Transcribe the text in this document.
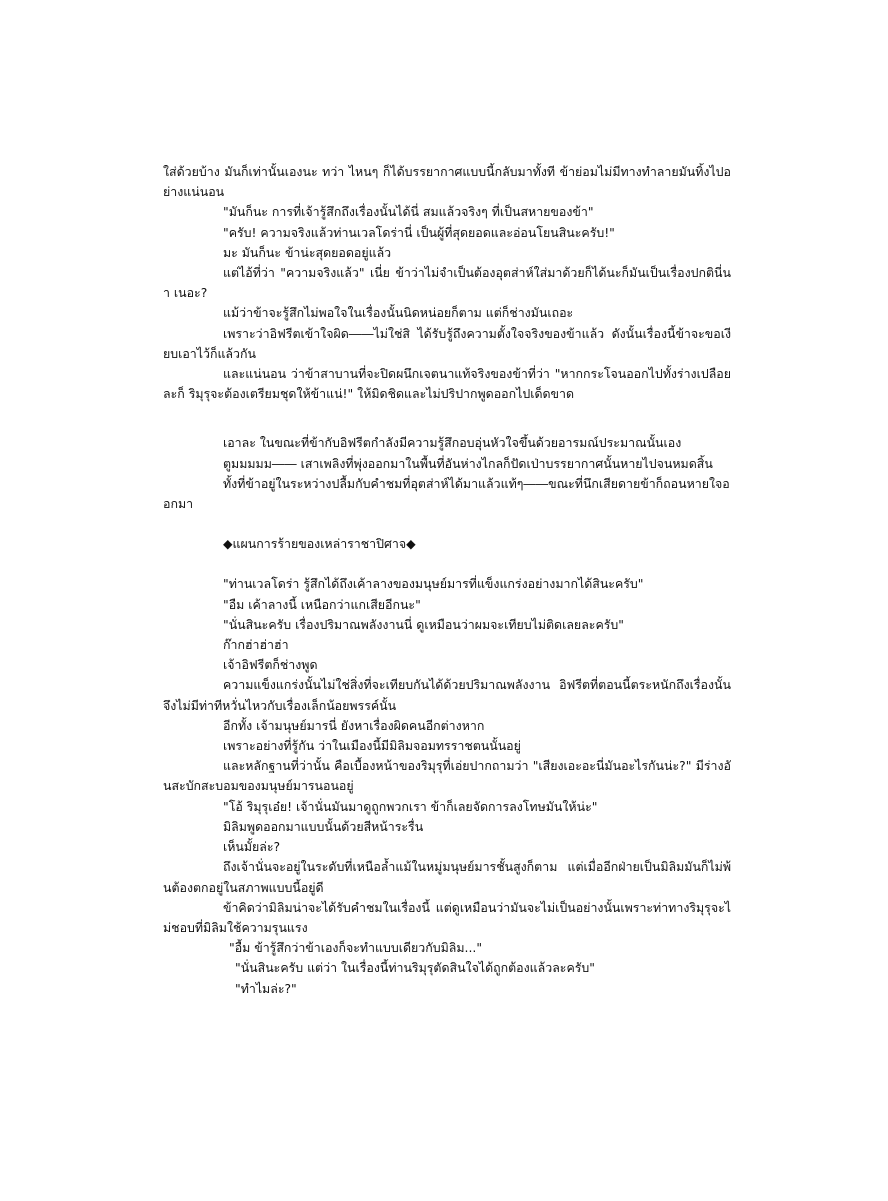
ใส่ด้วยบ้าง มันก็เท่านั้นเองนะ ทว่า ไหนๆ ก็ได้บรรยากาศแบบนี้กลับมาทั้งที ข้าย่อมไม่มีทางทำลายมันทิ้งไปอย่างแน่นอน

"มันก็นะ การที่เจ้ารู้สึกถึงเรื่องนั้นได้นี่ สมแล้วจริงๆ ที่เป็นสหายของข้า"

"ครับ! ความจริงแล้วท่านเวลโดร่านี่ เป็นผู้ที่สุดยอดและอ่อนโยนสินะครับ!"

มะ มันก็นะ ข้าน่ะสุดยอดอยู่แล้ว

แต่ไอ้ที่ว่า "ความจริงแล้ว" เนี่ย ข้าว่าไม่จำเป็นต้องอุตส่าห์ใส่มาด้วยก็ได้นะก็มันเป็นเรื่องปกตินี่นา เนอะ?

แม้ว่าข้าจะรู้สึกไม่พอใจในเรื่องนั้นนิดหน่อยก็ตาม แต่ก็ช่างมันเถอะ

เพราะว่าอิฟรีตเข้าใจผิด――ไม่ใช่สิ ได้รับรู้ถึงความตั้งใจจริงของข้าแล้ว ดังนั้นเรื่องนี้ข้าจะขอเงียบเอาไว้ก็แล้วกัน

และแน่นอน ว่าข้าสาบานที่จะปิดผนึกเจตนาแท้จริงของข้าที่ว่า "หากกระโจนออกไปทั้งร่างเปลือยละก็ ริมุรุจะต้องเตรียมชุดให้ข้าแน่!" ให้มิดชิดและไม่ปริปากพูดออกไปเด็ดขาด

เอาละ ในขณะที่ข้ากับอิฟรีตกำลังมีความรู้สึกอบอุ่นหัวใจขึ้นด้วยอารมณ์ประมาณนั้นเอง

ตูมมมมม―― เสาเพลิงที่พุ่งออกมาในพื้นที่อันห่างไกลก็ปัดเป่าบรรยากาศนั้นหายไปจนหมดสิ้น

ทั้งที่ข้าอยู่ในระหว่างปลื้มกับคำชมที่อุตส่าห์ได้มาแล้วแท้ๆ――ขณะที่นึกเสียดายข้าก็ถอนหายใจออกมา

◆แผนการร้ายของเหล่าราชาปิศาจ◆

"ท่านเวลโดร่า รู้สึกได้ถึงเค้าลางของมนุษย์มารที่แข็งแกร่งอย่างมากได้สินะครับ"

"อืม เค้าลางนี้ เหนือกว่าแกเสียอีกนะ"

"นั่นสินะครับ เรื่องปริมาณพลังงานนี่ ดูเหมือนว่าผมจะเทียบไม่ติดเลยละครับ"

ก๊ากฮ่าฮ่าฮ่า

เจ้าอิฟรีตก็ช่างพูด

ความแข็งแกร่งนั้นไม่ใช่สิ่งที่จะเทียบกันได้ด้วยปริมาณพลังงาน อิฟรีตที่ตอนนี้ตระหนักถึงเรื่องนั้นจึงไม่มีท่าทีหวั่นไหวกับเรื่องเล็กน้อยพรรค์นั้น

อีกทั้ง เจ้ามนุษย์มารนี่ ยังหาเรื่องผิดคนอีกต่างหาก

เพราะอย่างที่รู้กัน ว่าในเมืองนี้มีมิลิมจอมทรราชตนนั้นอยู่

และหลักฐานที่ว่านั้น คือเบื้องหน้าของริมุรุที่เอ่ยปากถามว่า "เสียงเอะอะนี่มันอะไรกันน่ะ?" มีร่างอันสะบักสะบอมของมนุษย์มารนอนอยู่

"โอ้ ริมุรุเอ๋ย! เจ้านั่นมันมาดูถูกพวกเรา ข้าก็เลยจัดการลงโทษมันให้น่ะ"

มิลิมพูดออกมาแบบนั้นด้วยสีหน้าระรื่น

เห็นมั้ยล่ะ?

ถึงเจ้านั่นจะอยู่ในระดับที่เหนือล้ำแม้ในหมู่มนุษย์มารชั้นสูงก็ตาม แต่เมื่ออีกฝ่ายเป็นมิลิมมันก็ไม่พ้นต้องตกอยู่ในสภาพแบบนี้อยู่ดี

ข้าคิดว่ามิลิมน่าจะได้รับคำชมในเรื่องนี้ แต่ดูเหมือนว่ามันจะไม่เป็นอย่างนั้นเพราะท่าทางริมุรุจะไม่ชอบที่มิลิมใช้ความรุนแรง

"อื้ม ข้ารู้สึกว่าข้าเองก็จะทำแบบเดียวกับมิลิม..."

"นั่นสินะครับ แต่ว่า ในเรื่องนี้ท่านริมุรุตัดสินใจได้ถูกต้องแล้วละครับ"

"ทำไมล่ะ?"
